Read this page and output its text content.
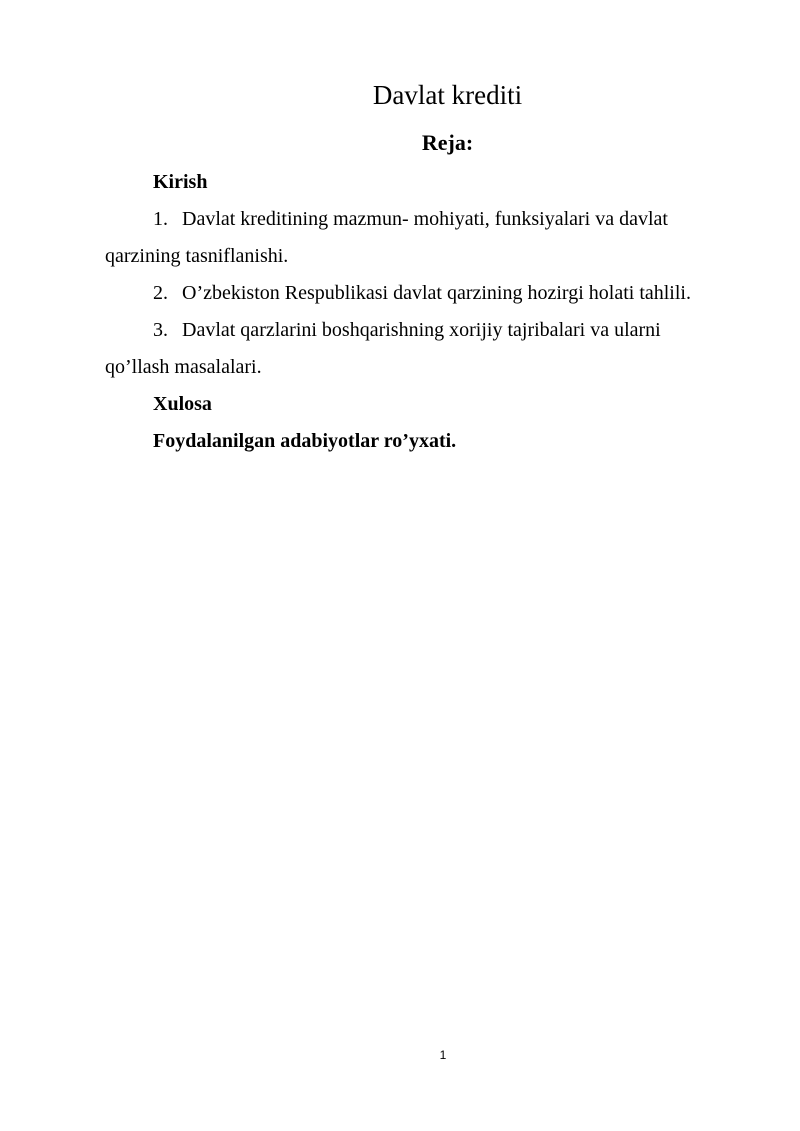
Davlat krediti
Reja:
Kirish
1. Davlat kreditining mazmun- mohiyati, funksiyalari va davlat
qarzining tasniflanishi.
2. O’zbekiston Respublikasi davlat qarzining hozirgi holati tahlili.
3. Davlat qarzlarini boshqarishning xorijiy tajribalari va ularni
qo’llash masalalari.
Xulosa
Foydalanilgan adabiyotlar ro’yxati.
1
